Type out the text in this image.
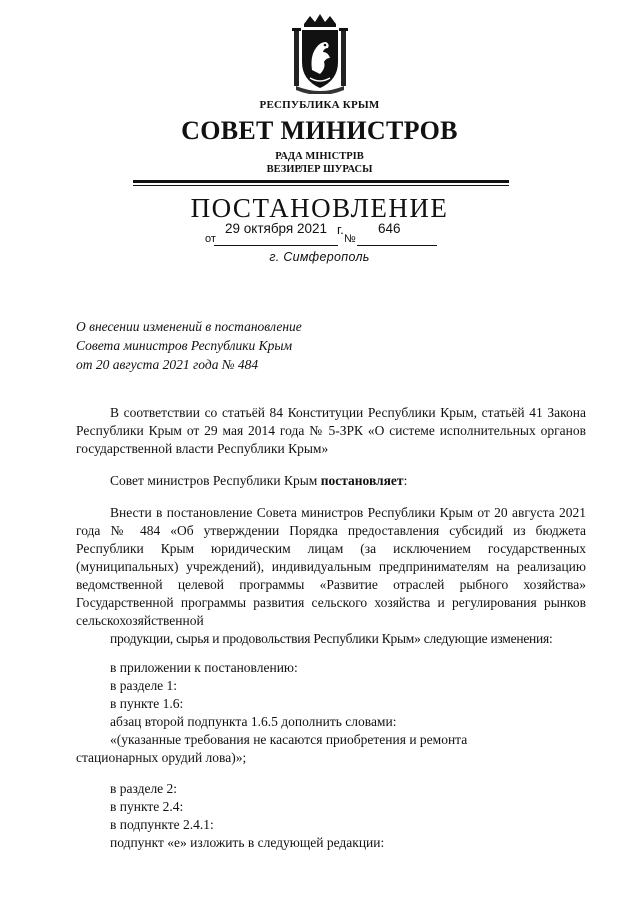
РЕСПУБЛИКА КРЫМ
СОВЕТ МИНИСТРОВ
РАДА МІНІСТРІВ
ВЕЗИРЛЕР ШУРАСЫ
ПОСТАНОВЛЕНИЕ
от
29 октября 2021 г.
№
646
г. Симферополь
О внесении изменений в постановление
Совета министров Республики Крым
от 20 августа 2021 года № 484
В соответствии со статьёй 84 Конституции Республики Крым, статьёй 41 Закона Республики Крым от 29 мая 2014 года № 5-ЗРК «О системе исполнительных органов государственной власти Республики Крым»
Совет министров Республики Крым постановляет:
Внести в постановление Совета министров Республики Крым от 20 августа 2021 года № 484 «Об утверждении Порядка предоставления субсидий из бюджета Республики Крым юридическим лицам (за исключением государственных (муниципальных) учреждений), индивидуальным предпринимателям на реализацию ведомственной целевой программы «Развитие отраслей рыбного хозяйства» Государственной программы развития сельского хозяйства и регулирования рынков сельскохозяйственной
продукции, сырья и продовольствия Республики Крым» следующие изменения:
в приложении к постановлению:
в разделе 1:
в пункте 1.6:
абзац второй подпункта 1.6.5 дополнить словами:
«(указанные требования не касаются приобретения и ремонта
стационарных орудий лова)»;
в разделе 2:
в пункте 2.4:
в подпункте 2.4.1:
подпункт «е» изложить в следующей редакции:
